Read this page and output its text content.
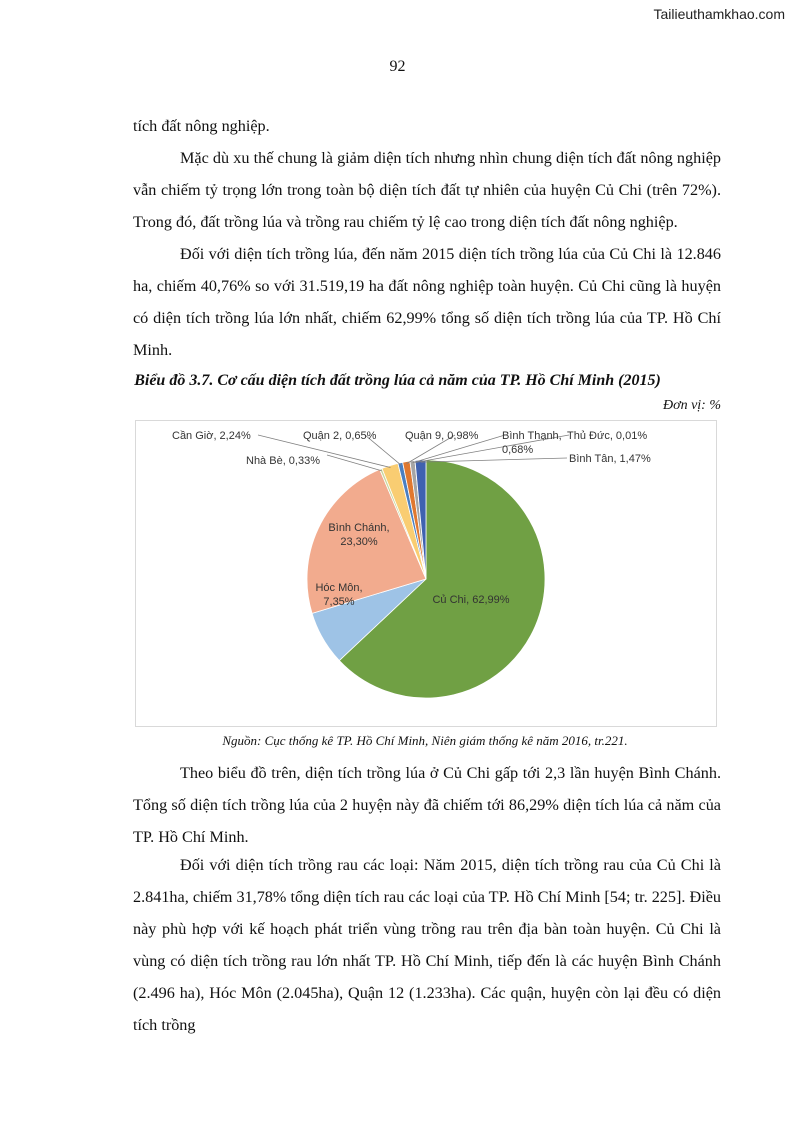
Tailieuthamkhao.com
92

tích đất nông nghiệp.

Mặc dù xu thế chung là giảm diện tích nhưng nhìn chung diện tích đất nông nghiệp vẫn chiếm tỷ trọng lớn trong toàn bộ diện tích đất tự nhiên của huyện Củ Chi (trên 72%). Trong đó, đất trồng lúa và trồng rau chiếm tỷ lệ cao trong diện tích đất nông nghiệp.

Đối với diện tích trồng lúa, đến năm 2015 diện tích trồng lúa của Củ Chi là 12.846 ha, chiếm 40,76% so với 31.519,19 ha đất nông nghiệp toàn huyện. Củ Chi cũng là huyện có diện tích trồng lúa lớn nhất, chiếm 62,99% tổng số diện tích trồng lúa của TP. Hồ Chí Minh.

Biểu đồ 3.7. Cơ cấu diện tích đất trồng lúa cả năm của TP. Hồ Chí Minh (2015)
Đơn vị: %
Củ Chi, 62,99%
Hóc Môn, 7,35%
Bình Chánh, 23,30%
Nhà Bè, 0,33%
Cần Giờ, 2,24%	Quận 2, 0,65%	Quận 9, 0,98% Bình Thạnh, 0,68%
Thủ Đức, 0,01%
Bình Tân, 1,47%
Nguồn: Cục thống kê TP. Hồ Chí Minh, Niên giám thống kê năm 2016, tr.221.

Theo biểu đồ trên, diện tích trồng lúa ở Củ Chi gấp tới 2,3 lần huyện Bình Chánh. Tổng số diện tích trồng lúa của 2 huyện này đã chiếm tới 86,29% diện tích lúa cả năm của TP. Hồ Chí Minh.

Đối với diện tích trồng rau các loại: Năm 2015, diện tích trồng rau của Củ Chi là 2.841ha, chiếm 31,78% tổng diện tích rau các loại của TP. Hồ Chí Minh [54; tr. 225]. Điều này phù hợp với kế hoạch phát triển vùng trồng rau trên địa bàn toàn huyện. Củ Chi là vùng có diện tích trồng rau lớn nhất TP. Hồ Chí Minh, tiếp đến là các huyện Bình Chánh (2.496 ha), Hóc Môn (2.045ha), Quận 12 (1.233ha). Các quận, huyện còn lại đều có diện tích trồng
